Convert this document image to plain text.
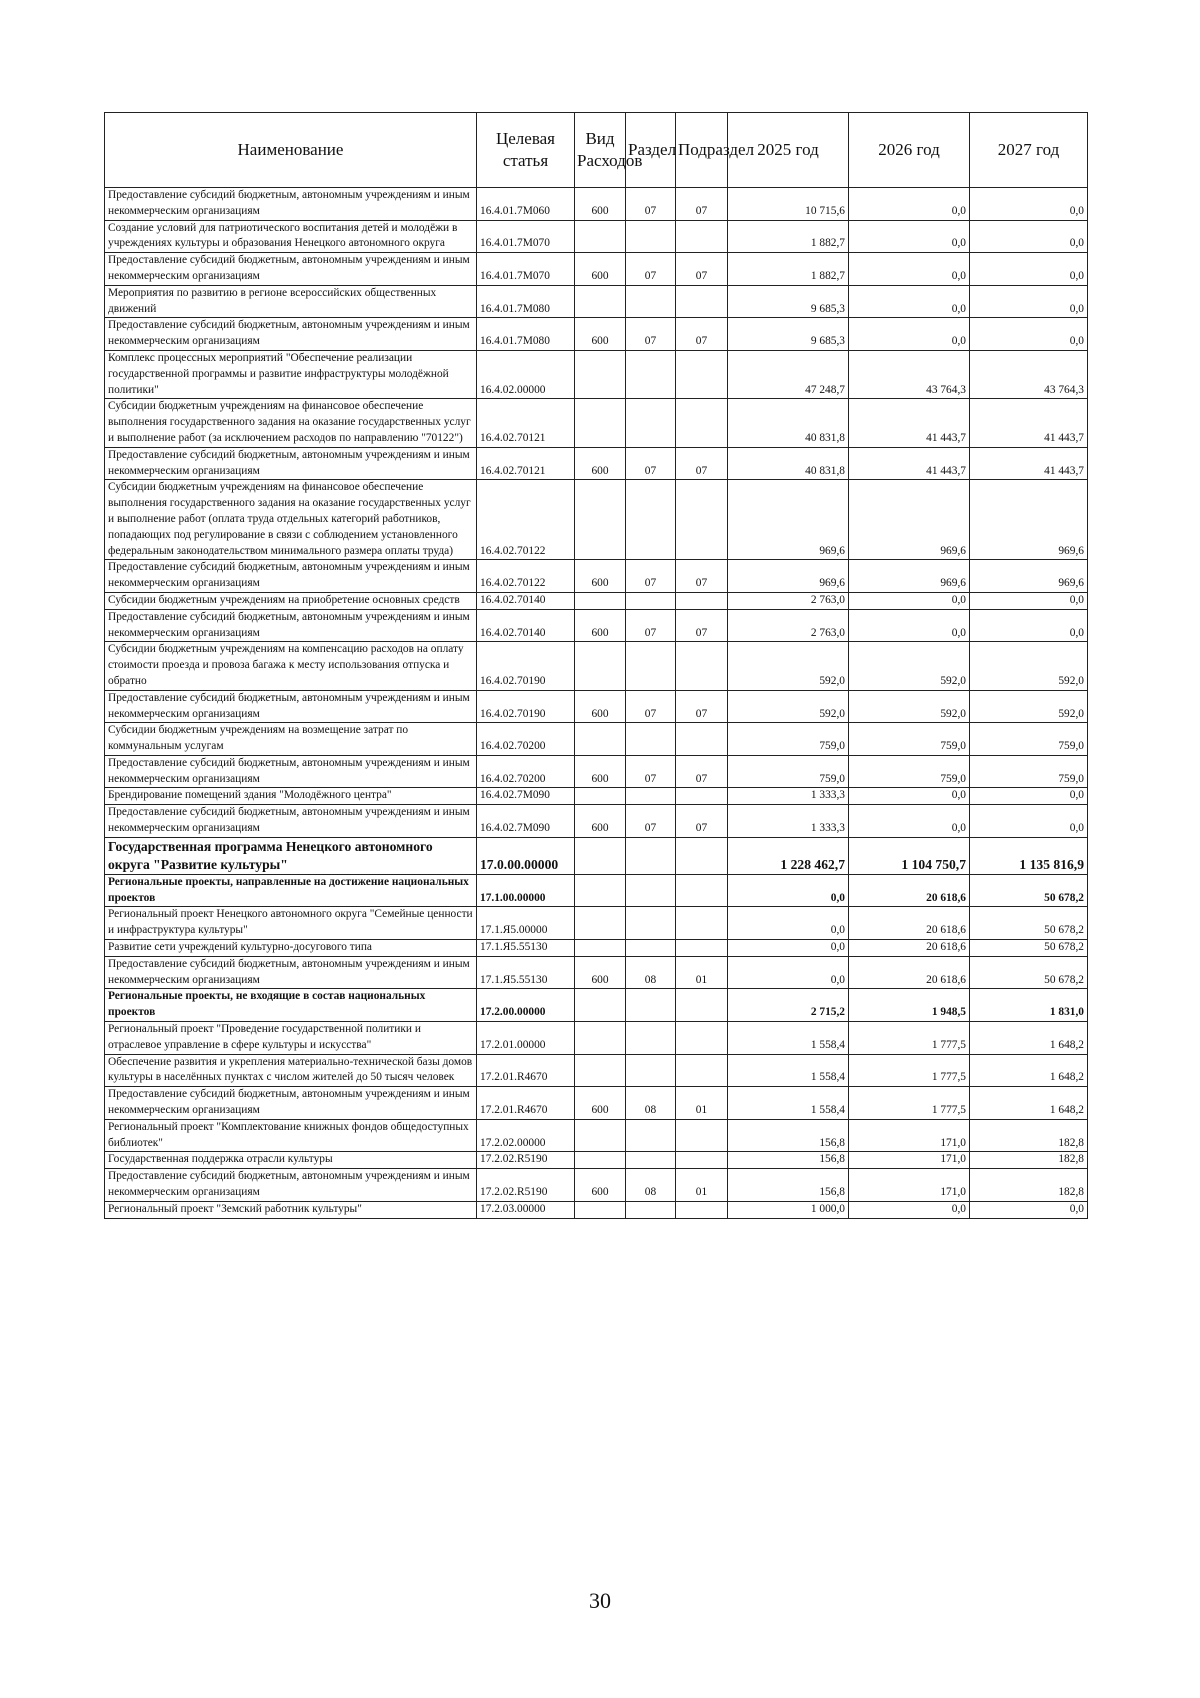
Наименование	Целевая статья	Вид Расходов	Раздел	Подраздел	2025 год	2026 год	2027 год
Предоставление субсидий бюджетным, автономным учреждениям и иным некоммерческим организациям	16.4.01.7М060	600	07	07	10 715,6	0,0	0,0
Создание условий для патриотического воспитания детей и молодёжи в учреждениях культуры и образования Ненецкого автономного округа	16.4.01.7М070				1 882,7	0,0	0,0
Предоставление субсидий бюджетным, автономным учреждениям и иным некоммерческим организациям	16.4.01.7М070	600	07	07	1 882,7	0,0	0,0
Мероприятия по развитию в регионе всероссийских общественных движений	16.4.01.7М080				9 685,3	0,0	0,0
Предоставление субсидий бюджетным, автономным учреждениям и иным некоммерческим организациям	16.4.01.7М080	600	07	07	9 685,3	0,0	0,0
Комплекс процессных мероприятий "Обеспечение реализации государственной программы и развитие инфраструктуры молодёжной политики"	16.4.02.00000				47 248,7	43 764,3	43 764,3
Субсидии бюджетным учреждениям на финансовое обеспечение выполнения государственного задания на оказание государственных услуг и выполнение работ (за исключением расходов по направлению "70122")	16.4.02.70121				40 831,8	41 443,7	41 443,7
Предоставление субсидий бюджетным, автономным учреждениям и иным некоммерческим организациям	16.4.02.70121	600	07	07	40 831,8	41 443,7	41 443,7
Субсидии бюджетным учреждениям на финансовое обеспечение выполнения государственного задания на оказание государственных услуг и выполнение работ (оплата труда отдельных категорий работников, попадающих под регулирование в связи с соблюдением установленного федеральным законодательством минимального размера оплаты труда)	16.4.02.70122				969,6	969,6	969,6
Предоставление субсидий бюджетным, автономным учреждениям и иным некоммерческим организациям	16.4.02.70122	600	07	07	969,6	969,6	969,6
Субсидии бюджетным учреждениям на приобретение основных средств	16.4.02.70140				2 763,0	0,0	0,0
Предоставление субсидий бюджетным, автономным учреждениям и иным некоммерческим организациям	16.4.02.70140	600	07	07	2 763,0	0,0	0,0
Субсидии бюджетным учреждениям на компенсацию расходов на оплату стоимости проезда и провоза багажа к месту использования отпуска и обратно	16.4.02.70190				592,0	592,0	592,0
Предоставление субсидий бюджетным, автономным учреждениям и иным некоммерческим организациям	16.4.02.70190	600	07	07	592,0	592,0	592,0
Субсидии бюджетным учреждениям на возмещение затрат по коммунальным услугам	16.4.02.70200				759,0	759,0	759,0
Предоставление субсидий бюджетным, автономным учреждениям и иным некоммерческим организациям	16.4.02.70200	600	07	07	759,0	759,0	759,0
Брендирование помещений здания "Молодёжного центра"	16.4.02.7М090				1 333,3	0,0	0,0
Предоставление субсидий бюджетным, автономным учреждениям и иным некоммерческим организациям	16.4.02.7М090	600	07	07	1 333,3	0,0	0,0
Государственная программа Ненецкого автономного округа "Развитие культуры"	17.0.00.00000				1 228 462,7	1 104 750,7	1 135 816,9
Региональные проекты, направленные на достижение национальных проектов	17.1.00.00000				0,0	20 618,6	50 678,2
Региональный проект Ненецкого автономного округа "Семейные ценности и инфраструктура культуры"	17.1.Я5.00000				0,0	20 618,6	50 678,2
Развитие сети учреждений культурно-досугового типа	17.1.Я5.55130				0,0	20 618,6	50 678,2
Предоставление субсидий бюджетным, автономным учреждениям и иным некоммерческим организациям	17.1.Я5.55130	600	08	01	0,0	20 618,6	50 678,2
Региональные проекты, не входящие в состав национальных проектов	17.2.00.00000				2 715,2	1 948,5	1 831,0
Региональный проект "Проведение государственной политики и отраслевое управление в сфере культуры и искусства"	17.2.01.00000				1 558,4	1 777,5	1 648,2
Обеспечение развития и укрепления материально-технической базы домов культуры в населённых пунктах с числом жителей до 50 тысяч человек	17.2.01.R4670				1 558,4	1 777,5	1 648,2
Предоставление субсидий бюджетным, автономным учреждениям и иным некоммерческим организациям	17.2.01.R4670	600	08	01	1 558,4	1 777,5	1 648,2
Региональный проект "Комплектование книжных фондов общедоступных библиотек"	17.2.02.00000				156,8	171,0	182,8
Государственная поддержка отрасли культуры	17.2.02.R5190				156,8	171,0	182,8
Предоставление субсидий бюджетным, автономным учреждениям и иным некоммерческим организациям	17.2.02.R5190	600	08	01	156,8	171,0	182,8
Региональный проект "Земский работник культуры"	17.2.03.00000				1 000,0	0,0	0,0
30
